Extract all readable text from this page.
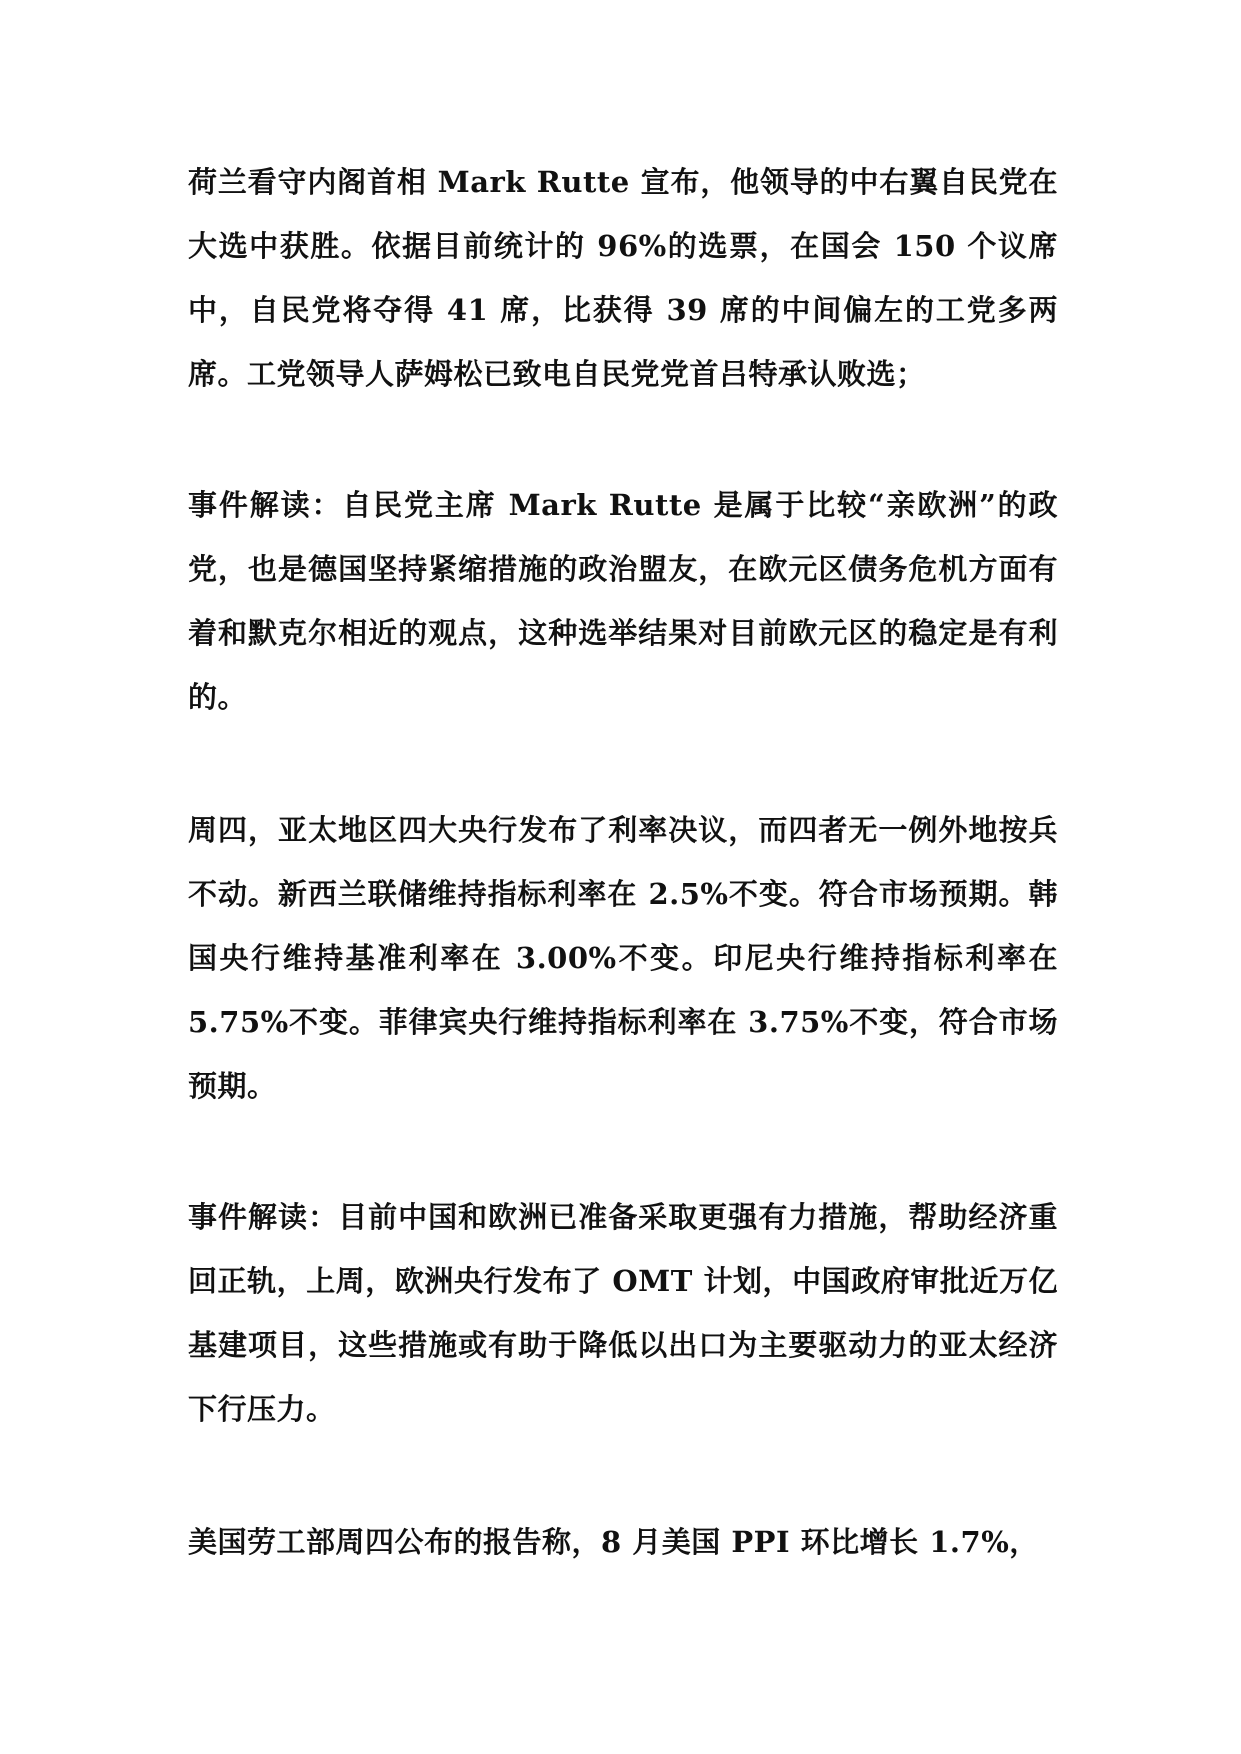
荷兰看守内阁首相 Mark Rutte 宣布，他领导的中右翼自民党在大选中获胜。依据目前统计的 96%的选票，在国会 150 个议席中，自民党将夺得 41 席，比获得 39 席的中间偏左的工党多两席。工党领导人萨姆松已致电自民党党首吕特承认败选；

事件解读：自民党主席 Mark Rutte 是属于比较“亲欧洲”的政党，也是德国坚持紧缩措施的政治盟友，在欧元区债务危机方面有着和默克尔相近的观点，这种选举结果对目前欧元区的稳定是有利的。

周四，亚太地区四大央行发布了利率决议，而四者无一例外地按兵不动。新西兰联储维持指标利率在 2.5%不变。符合市场预期。韩国央行维持基准利率在 3.00%不变。印尼央行维持指标利率在 5.75%不变。菲律宾央行维持指标利率在 3.75%不变，符合市场预期。

事件解读：目前中国和欧洲已准备采取更强有力措施，帮助经济重回正轨，上周，欧洲央行发布了 OMT 计划，中国政府审批近万亿基建项目，这些措施或有助于降低以出口为主要驱动力的亚太经济下行压力。

美国劳工部周四公布的报告称，8 月美国 PPI 环比增长 1.7%，
